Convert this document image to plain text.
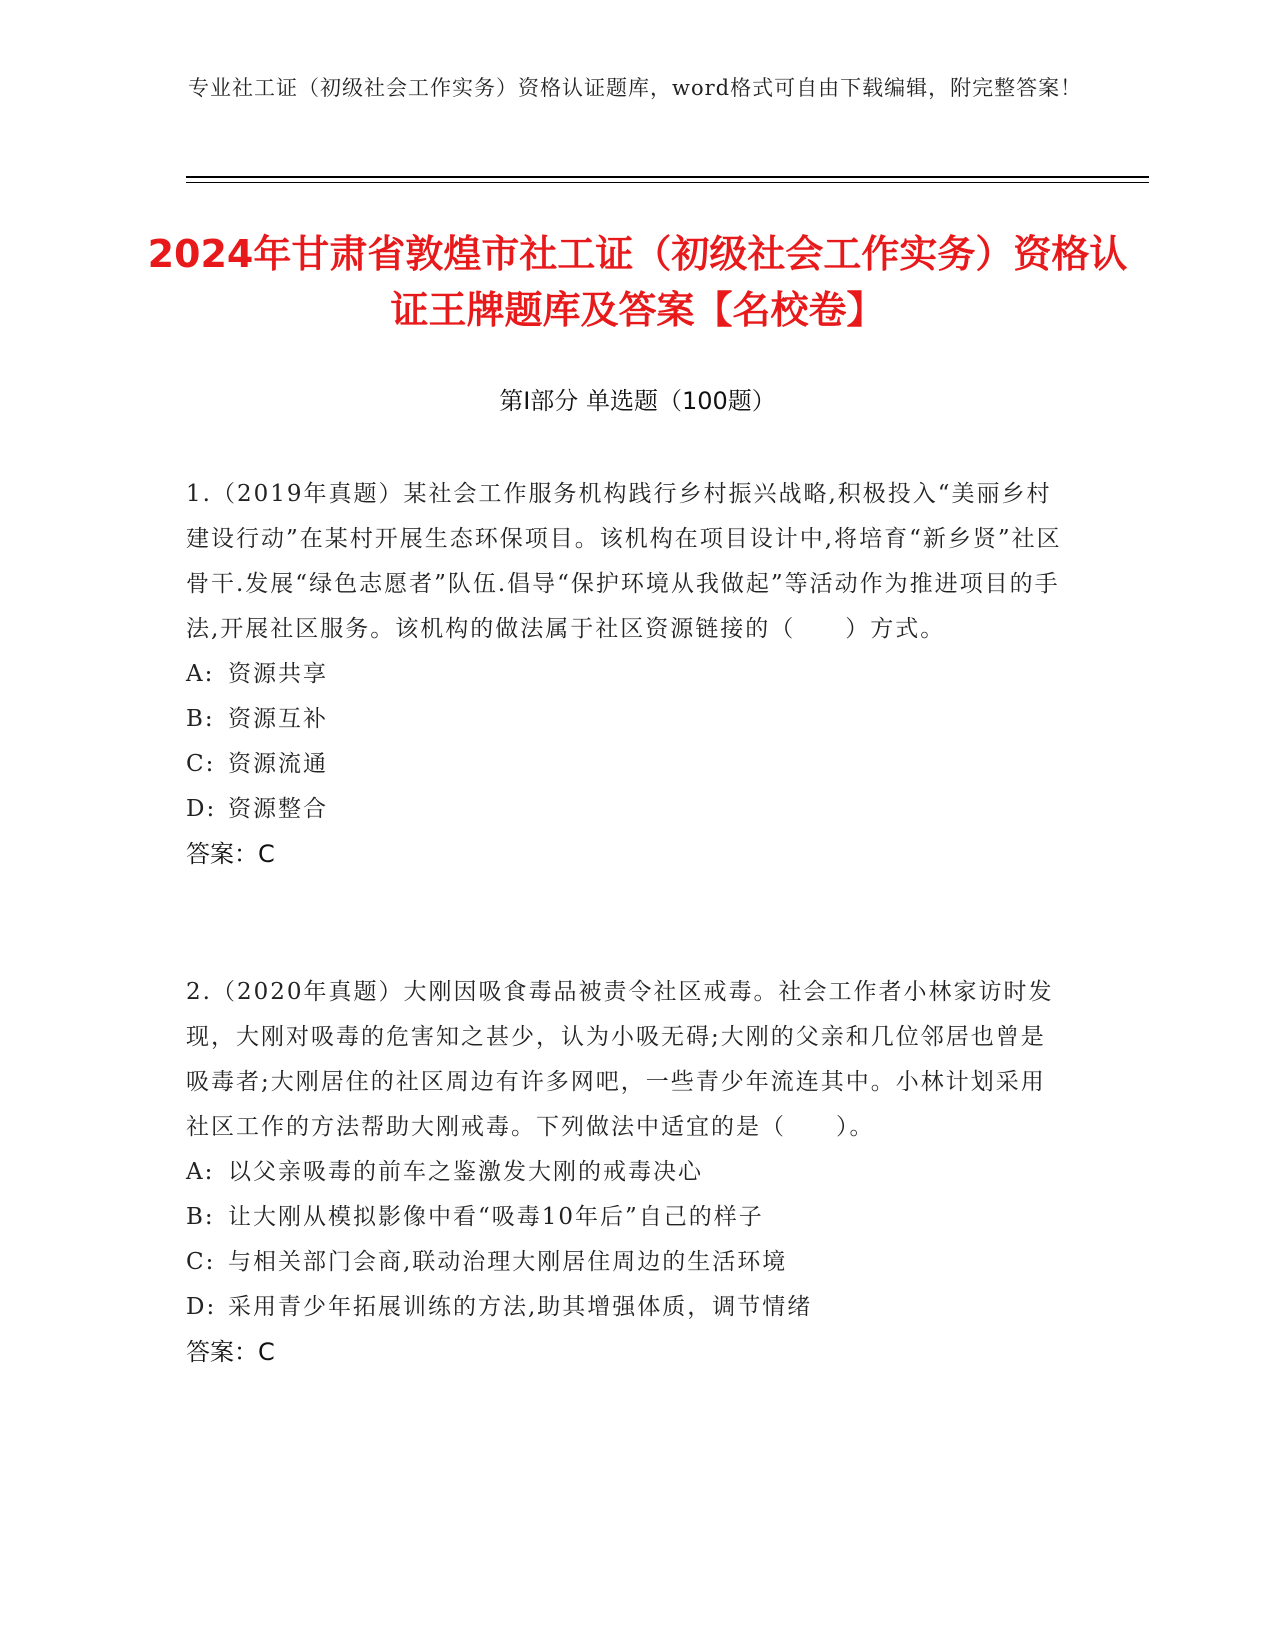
专业社工证（初级社会工作实务）资格认证题库，word格式可自由下载编辑，附完整答案！
2024年甘肃省敦煌市社工证（初级社会工作实务）资格认证王牌题库及答案【名校卷】
第Ⅰ部分 单选题（100题）
1.（2019年真题）某社会工作服务机构践行乡村振兴战略,积极投入“美丽乡村建设行动”在某村开展生态环保项目。该机构在项目设计中,将培育“新乡贤”社区骨干.发展“绿色志愿者”队伍.倡导“保护环境从我做起”等活动作为推进项目的手法,开展社区服务。该机构的做法属于社区资源链接的（　　）方式。
A: 资源共享
B: 资源互补
C: 资源流通
D: 资源整合
答案：C
2.（2020年真题）大刚因吸食毒品被责令社区戒毒。社会工作者小林家访时发现，大刚对吸毒的危害知之甚少，认为小吸无碍;大刚的父亲和几位邻居也曾是吸毒者;大刚居住的社区周边有许多网吧，一些青少年流连其中。小林计划采用社区工作的方法帮助大刚戒毒。下列做法中适宜的是（　　）。
A: 以父亲吸毒的前车之鉴激发大刚的戒毒决心
B: 让大刚从模拟影像中看“吸毒10年后”自己的样子
C: 与相关部门会商,联动治理大刚居住周边的生活环境
D: 采用青少年拓展训练的方法,助其增强体质，调节情绪
答案：C
